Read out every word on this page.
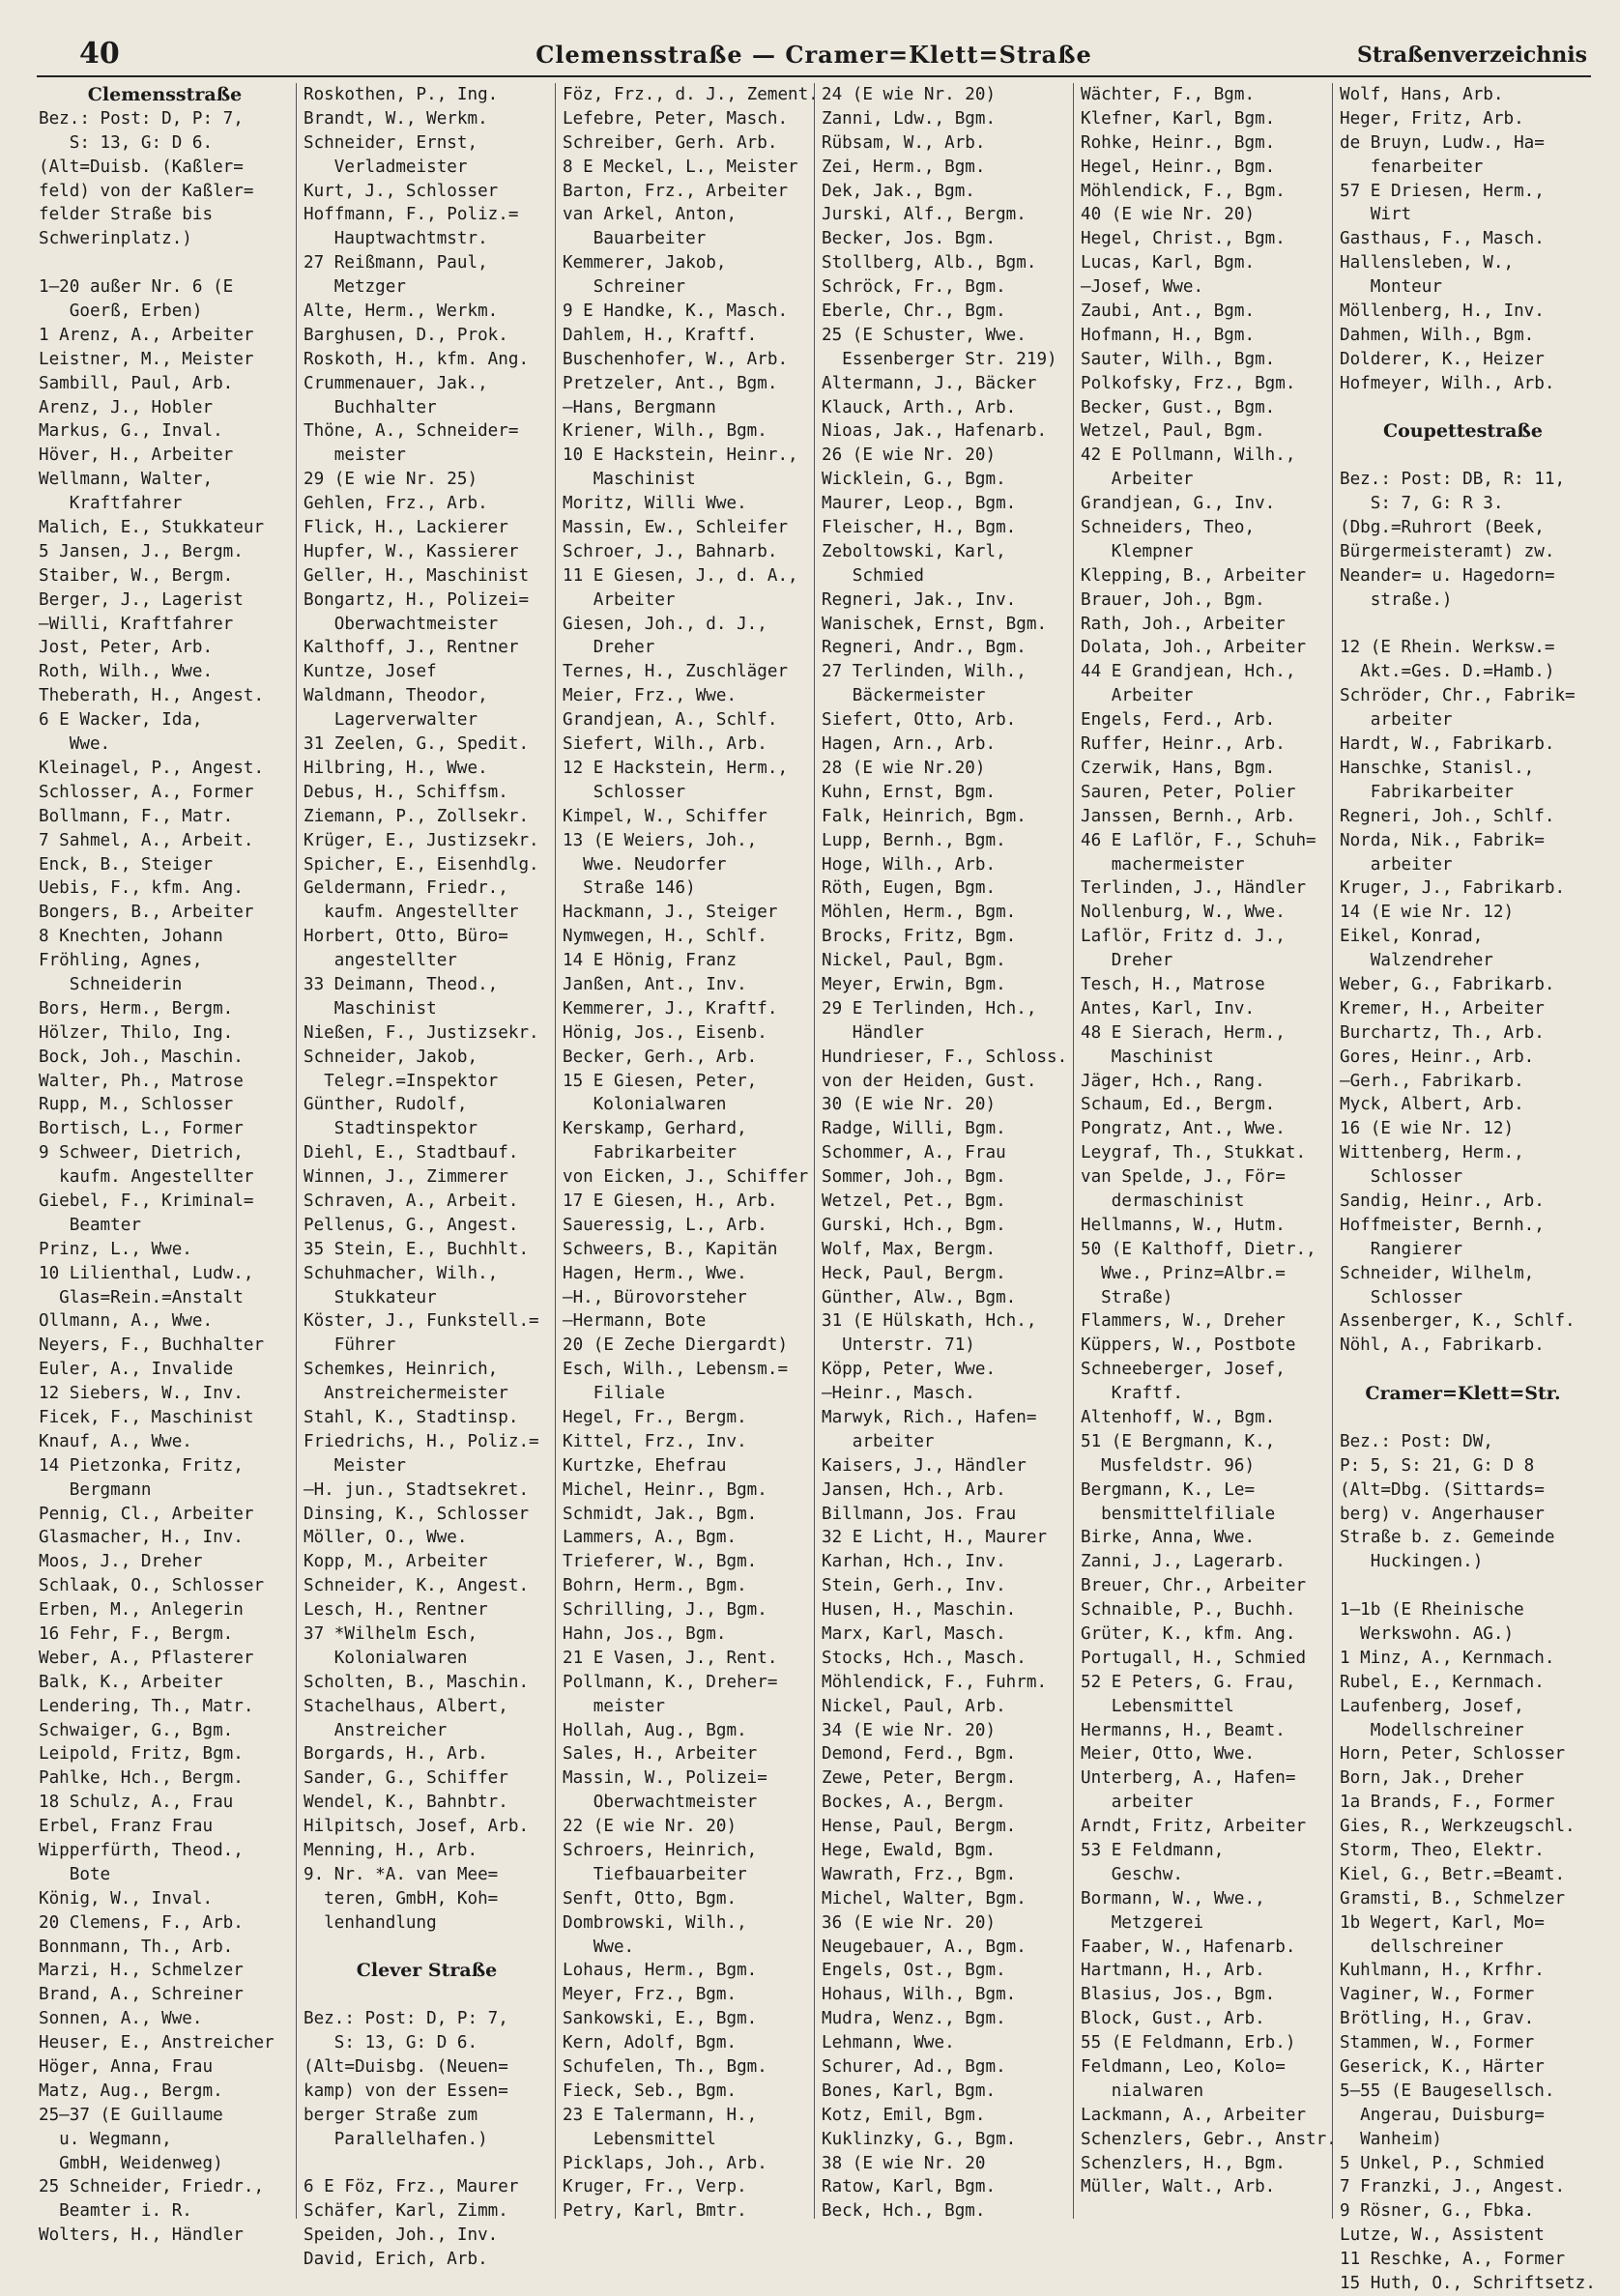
40	Clemensstraße — Cramer=Klett=Straße	Straßenverzeichnis
Clemensstraße
Bez.: Post: D, P: 7,
S: 13, G: D 6.
(Alt=Duisb. (Kaßler=
feld) von der Kaßler=
felder Straße bis
Schwerinplatz.)
1—20 außer Nr. 6 (E
Goerß, Erben)
1 Arenz, A., Arbeiter
Leistner, M., Meister
Sambill, Paul, Arb.
Arenz, J., Hobler
Markus, G., Inval.
Höver, H., Arbeiter
Wellmann, Walter,
Kraftfahrer
Malich, E., Stukkateur
5 Jansen, J., Bergm.
Staiber, W., Bergm.
Berger, J., Lagerist
—Willi, Kraftfahrer
Jost, Peter, Arb.
Roth, Wilh., Wwe.
Theberath, H., Angest.
6 E Wacker, Ida,
Wwe.
Kleinagel, P., Angest.
Schlosser, A., Former
Bollmann, F., Matr.
7 Sahmel, A., Arbeit.
Enck, B., Steiger
Uebis, F., kfm. Ang.
Bongers, B., Arbeiter
8 Knechten, Johann
Fröhling, Agnes,
Schneiderin
Bors, Herm., Bergm.
Hölzer, Thilo, Ing.
Bock, Joh., Maschin.
Walter, Ph., Matrose
Rupp, M., Schlosser
Bortisch, L., Former
9 Schweer, Dietrich,
kaufm. Angestellter
Giebel, F., Kriminal=
Beamter
Prinz, L., Wwe.
10 Lilienthal, Ludw.,
Glas=Rein.=Anstalt
Ollmann, A., Wwe.
Neyers, F., Buchhalter
Euler, A., Invalide
12 Siebers, W., Inv.
Ficek, F., Maschinist
Knauf, A., Wwe.
14 Pietzonka, Fritz,
Bergmann
Pennig, Cl., Arbeiter
Glasmacher, H., Inv.
Moos, J., Dreher
Schlaak, O., Schlosser
Erben, M., Anlegerin
16 Fehr, F., Bergm.
Weber, A., Pflasterer
Balk, K., Arbeiter
Lendering, Th., Matr.
Schwaiger, G., Bgm.
Leipold, Fritz, Bgm.
Pahlke, Hch., Bergm.
18 Schulz, A., Frau
Erbel, Franz Frau
Wipperfürth, Theod.,
Bote
König, W., Inval.
20 Clemens, F., Arb.
Bonnmann, Th., Arb.
Marzi, H., Schmelzer
Brand, A., Schreiner
Sonnen, A., Wwe.
Heuser, E., Anstreicher
Höger, Anna, Frau
Matz, Aug., Bergm.
25—37 (E Guillaume
u. Wegmann,
GmbH, Weidenweg)
25 Schneider, Friedr.,
Beamter i. R.
Wolters, H., Händler
Roskothen, P., Ing.
Brandt, W., Werkm.
Schneider, Ernst,
Verladmeister
Kurt, J., Schlosser
Hoffmann, F., Poliz.=
Hauptwachtmstr.
27 Reißmann, Paul,
Metzger
Alte, Herm., Werkm.
Barghusen, D., Prok.
Roskoth, H., kfm. Ang.
Crummenauer, Jak.,
Buchhalter
Thöne, A., Schneider=
meister
29 (E wie Nr. 25)
Gehlen, Frz., Arb.
Flick, H., Lackierer
Hupfer, W., Kassierer
Geller, H., Maschinist
Bongartz, H., Polizei=
Oberwachtmeister
Kalthoff, J., Rentner
Kuntze, Josef
Waldmann, Theodor,
Lagerverwalter
31 Zeelen, G., Spedit.
Hilbring, H., Wwe.
Debus, H., Schiffsm.
Ziemann, P., Zollsekr.
Krüger, E., Justizsekr.
Spicher, E., Eisenhdlg.
Geldermann, Friedr.,
kaufm. Angestellter
Horbert, Otto, Büro=
angestellter
33 Deimann, Theod.,
Maschinist
Nießen, F., Justizsekr.
Schneider, Jakob,
Telegr.=Inspektor
Günther, Rudolf,
Stadtinspektor
Diehl, E., Stadtbauf.
Winnen, J., Zimmerer
Schraven, A., Arbeit.
Pellenus, G., Angest.
35 Stein, E., Buchhlt.
Schuhmacher, Wilh.,
Stukkateur
Köster, J., Funkstell.=
Führer
Schemkes, Heinrich,
Anstreichermeister
Stahl, K., Stadtinsp.
Friedrichs, H., Poliz.=
Meister
—H. jun., Stadtsekret.
Dinsing, K., Schlosser
Möller, O., Wwe.
Kopp, M., Arbeiter
Schneider, K., Angest.
Lesch, H., Rentner
37 *Wilhelm Esch,
Kolonialwaren
Scholten, B., Maschin.
Stachelhaus, Albert,
Anstreicher
Borgards, H., Arb.
Sander, G., Schiffer
Wendel, K., Bahnbtr.
Hilpitsch, Josef, Arb.
Menning, H., Arb.
9. Nr. *A. van Mee=
teren, GmbH, Koh=
lenhandlung
Clever Straße
Bez.: Post: D, P: 7,
S: 13, G: D 6.
(Alt=Duisbg. (Neuen=
kamp) von der Essen=
berger Straße zum
Parallelhafen.)
6 E Föz, Frz., Maurer
Schäfer, Karl, Zimm.
Speiden, Joh., Inv.
David, Erich, Arb.
Föz, Frz., d. J., Zement.
Lefebre, Peter, Masch.
Schreiber, Gerh. Arb.
8 E Meckel, L., Meister
Barton, Frz., Arbeiter
van Arkel, Anton,
Bauarbeiter
Kemmerer, Jakob,
Schreiner
9 E Handke, K., Masch.
Dahlem, H., Kraftf.
Buschenhofer, W., Arb.
Pretzeler, Ant., Bgm.
—Hans, Bergmann
Kriener, Wilh., Bgm.
10 E Hackstein, Heinr.,
Maschinist
Moritz, Willi Wwe.
Massin, Ew., Schleifer
Schroer, J., Bahnarb.
11 E Giesen, J., d. A.,
Arbeiter
Giesen, Joh., d. J.,
Dreher
Ternes, H., Zuschläger
Meier, Frz., Wwe.
Grandjean, A., Schlf.
Siefert, Wilh., Arb.
12 E Hackstein, Herm.,
Schlosser
Kimpel, W., Schiffer
13 (E Weiers, Joh.,
Wwe. Neudorfer
Straße 146)
Hackmann, J., Steiger
Nymwegen, H., Schlf.
14 E Hönig, Franz
Janßen, Ant., Inv.
Kemmerer, J., Kraftf.
Hönig, Jos., Eisenb.
Becker, Gerh., Arb.
15 E Giesen, Peter,
Kolonialwaren
Kerskamp, Gerhard,
Fabrikarbeiter
von Eicken, J., Schiffer
17 E Giesen, H., Arb.
Saueressig, L., Arb.
Schweers, B., Kapitän
Hagen, Herm., Wwe.
—H., Bürovorsteher
—Hermann, Bote
20 (E Zeche Diergardt)
Esch, Wilh., Lebensm.=
Filiale
Hegel, Fr., Bergm.
Kittel, Frz., Inv.
Kurtzke, Ehefrau
Michel, Heinr., Bgm.
Schmidt, Jak., Bgm.
Lammers, A., Bgm.
Trieferer, W., Bgm.
Bohrn, Herm., Bgm.
Schrilling, J., Bgm.
Hahn, Jos., Bgm.
21 E Vasen, J., Rent.
Pollmann, K., Dreher=
meister
Hollah, Aug., Bgm.
Sales, H., Arbeiter
Massin, W., Polizei=
Oberwachtmeister
22 (E wie Nr. 20)
Schroers, Heinrich,
Tiefbauarbeiter
Senft, Otto, Bgm.
Dombrowski, Wilh.,
Wwe.
Lohaus, Herm., Bgm.
Meyer, Frz., Bgm.
Sankowski, E., Bgm.
Kern, Adolf, Bgm.
Schufelen, Th., Bgm.
Fieck, Seb., Bgm.
23 E Talermann, H.,
Lebensmittel
Picklaps, Joh., Arb.
Kruger, Fr., Verp.
Petry, Karl, Bmtr.
24 (E wie Nr. 20)
Zanni, Ldw., Bgm.
Rübsam, W., Arb.
Zei, Herm., Bgm.
Dek, Jak., Bgm.
Jurski, Alf., Bergm.
Becker, Jos. Bgm.
Stollberg, Alb., Bgm.
Schröck, Fr., Bgm.
Eberle, Chr., Bgm.
25 (E Schuster, Wwe.
Essenberger Str. 219)
Altermann, J., Bäcker
Klauck, Arth., Arb.
Nioas, Jak., Hafenarb.
26 (E wie Nr. 20)
Wicklein, G., Bgm.
Maurer, Leop., Bgm.
Fleischer, H., Bgm.
Zeboltowski, Karl,
Schmied
Regneri, Jak., Inv.
Wanischek, Ernst, Bgm.
Regneri, Andr., Bgm.
27 Terlinden, Wilh.,
Bäckermeister
Siefert, Otto, Arb.
Hagen, Arn., Arb.
28 (E wie Nr.20)
Kuhn, Ernst, Bgm.
Falk, Heinrich, Bgm.
Lupp, Bernh., Bgm.
Hoge, Wilh., Arb.
Röth, Eugen, Bgm.
Möhlen, Herm., Bgm.
Brocks, Fritz, Bgm.
Nickel, Paul, Bgm.
Meyer, Erwin, Bgm.
29 E Terlinden, Hch.,
Händler
Hundrieser, F., Schloss.
von der Heiden, Gust.
30 (E wie Nr. 20)
Radge, Willi, Bgm.
Schommer, A., Frau
Sommer, Joh., Bgm.
Wetzel, Pet., Bgm.
Gurski, Hch., Bgm.
Wolf, Max, Bergm.
Heck, Paul, Bergm.
Günther, Alw., Bgm.
31 (E Hülskath, Hch.,
Unterstr. 71)
Köpp, Peter, Wwe.
—Heinr., Masch.
Marwyk, Rich., Hafen=
arbeiter
Kaisers, J., Händler
Jansen, Hch., Arb.
Billmann, Jos. Frau
32 E Licht, H., Maurer
Karhan, Hch., Inv.
Stein, Gerh., Inv.
Husen, H., Maschin.
Marx, Karl, Masch.
Stocks, Hch., Masch.
Möhlendick, F., Fuhrm.
Nickel, Paul, Arb.
34 (E wie Nr. 20)
Demond, Ferd., Bgm.
Zewe, Peter, Bergm.
Bockes, A., Bergm.
Hense, Paul, Bergm.
Hege, Ewald, Bgm.
Wawrath, Frz., Bgm.
Michel, Walter, Bgm.
36 (E wie Nr. 20)
Neugebauer, A., Bgm.
Engels, Ost., Bgm.
Hohaus, Wilh., Bgm.
Mudra, Wenz., Bgm.
Lehmann, Wwe.
Schurer, Ad., Bgm.
Bones, Karl, Bgm.
Kotz, Emil, Bgm.
Kuklinzky, G., Bgm.
38 (E wie Nr. 20
Ratow, Karl, Bgm.
Beck, Hch., Bgm.
Wächter, F., Bgm.
Klefner, Karl, Bgm.
Rohke, Heinr., Bgm.
Hegel, Heinr., Bgm.
Möhlendick, F., Bgm.
40 (E wie Nr. 20)
Hegel, Christ., Bgm.
Lucas, Karl, Bgm.
—Josef, Wwe.
Zaubi, Ant., Bgm.
Hofmann, H., Bgm.
Sauter, Wilh., Bgm.
Polkofsky, Frz., Bgm.
Becker, Gust., Bgm.
Wetzel, Paul, Bgm.
42 E Pollmann, Wilh.,
Arbeiter
Grandjean, G., Inv.
Schneiders, Theo,
Klempner
Klepping, B., Arbeiter
Brauer, Joh., Bgm.
Rath, Joh., Arbeiter
Dolata, Joh., Arbeiter
44 E Grandjean, Hch.,
Arbeiter
Engels, Ferd., Arb.
Ruffer, Heinr., Arb.
Czerwik, Hans, Bgm.
Sauren, Peter, Polier
Janssen, Bernh., Arb.
46 E Laflör, F., Schuh=
machermeister
Terlinden, J., Händler
Nollenburg, W., Wwe.
Laflör, Fritz d. J.,
Dreher
Tesch, H., Matrose
Antes, Karl, Inv.
48 E Sierach, Herm.,
Maschinist
Jäger, Hch., Rang.
Schaum, Ed., Bergm.
Pongratz, Ant., Wwe.
Leygraf, Th., Stukkat.
van Spelde, J., För=
dermaschinist
Hellmanns, W., Hutm.
50 (E Kalthoff, Dietr.,
Wwe., Prinz=Albr.=
Straße)
Flammers, W., Dreher
Küppers, W., Postbote
Schneeberger, Josef,
Kraftf.
Altenhoff, W., Bgm.
51 (E Bergmann, K.,
Musfeldstr. 96)
Bergmann, K., Le=
bensmittelfiliale
Birke, Anna, Wwe.
Zanni, J., Lagerarb.
Breuer, Chr., Arbeiter
Schnaible, P., Buchh.
Grüter, K., kfm. Ang.
Portugall, H., Schmied
52 E Peters, G. Frau,
Lebensmittel
Hermanns, H., Beamt.
Meier, Otto, Wwe.
Unterberg, A., Hafen=
arbeiter
Arndt, Fritz, Arbeiter
53 E Feldmann,
Geschw.
Bormann, W., Wwe.,
Metzgerei
Faaber, W., Hafenarb.
Hartmann, H., Arb.
Blasius, Jos., Bgm.
Block, Gust., Arb.
55 (E Feldmann, Erb.)
Feldmann, Leo, Kolo=
nialwaren
Lackmann, A., Arbeiter
Schenzlers, Gebr., Anstr.
Schenzlers, H., Bgm.
Müller, Walt., Arb.
Wolf, Hans, Arb.
Heger, Fritz, Arb.
de Bruyn, Ludw., Ha=
fenarbeiter
57 E Driesen, Herm.,
Wirt
Gasthaus, F., Masch.
Hallensleben, W.,
Monteur
Möllenberg, H., Inv.
Dahmen, Wilh., Bgm.
Dolderer, K., Heizer
Hofmeyer, Wilh., Arb.
Coupettestraße
Bez.: Post: DB, R: 11,
S: 7, G: R 3.
(Dbg.=Ruhrort (Beek,
Bürgermeisteramt) zw.
Neander= u. Hagedorn=
straße.)
12 (E Rhein. Werksw.=
Akt.=Ges. D.=Hamb.)
Schröder, Chr., Fabrik=
arbeiter
Hardt, W., Fabrikarb.
Hanschke, Stanisl.,
Fabrikarbeiter
Regneri, Joh., Schlf.
Norda, Nik., Fabrik=
arbeiter
Kruger, J., Fabrikarb.
14 (E wie Nr. 12)
Eikel, Konrad,
Walzendreher
Weber, G., Fabrikarb.
Kremer, H., Arbeiter
Burchartz, Th., Arb.
Gores, Heinr., Arb.
—Gerh., Fabrikarb.
Myck, Albert, Arb.
16 (E wie Nr. 12)
Wittenberg, Herm.,
Schlosser
Sandig, Heinr., Arb.
Hoffmeister, Bernh.,
Rangierer
Schneider, Wilhelm,
Schlosser
Assenberger, K., Schlf.
Nöhl, A., Fabrikarb.
Cramer=Klett=Str.
Bez.: Post: DW,
P: 5, S: 21, G: D 8
(Alt=Dbg. (Sittards=
berg) v. Angerhauser
Straße b. z. Gemeinde
Huckingen.)
1—1b (E Rheinische
Werkswohn. AG.)
1 Minz, A., Kernmach.
Rubel, E., Kernmach.
Laufenberg, Josef,
Modellschreiner
Horn, Peter, Schlosser
Born, Jak., Dreher
1a Brands, F., Former
Gies, R., Werkzeugschl.
Storm, Theo, Elektr.
Kiel, G., Betr.=Beamt.
Gramsti, B., Schmelzer
1b Wegert, Karl, Mo=
dellschreiner
Kuhlmann, H., Krfhr.
Vaginer, W., Former
Brötling, H., Grav.
Stammen, W., Former
Geserick, K., Härter
5—55 (E Baugesellsch.
Angerau, Duisburg=
Wanheim)
5 Unkel, P., Schmied
7 Franzki, J., Angest.
9 Rösner, G., Fbka.
Lutze, W., Assistent
11 Reschke, A., Former
15 Huth, O., Schriftsetz.
